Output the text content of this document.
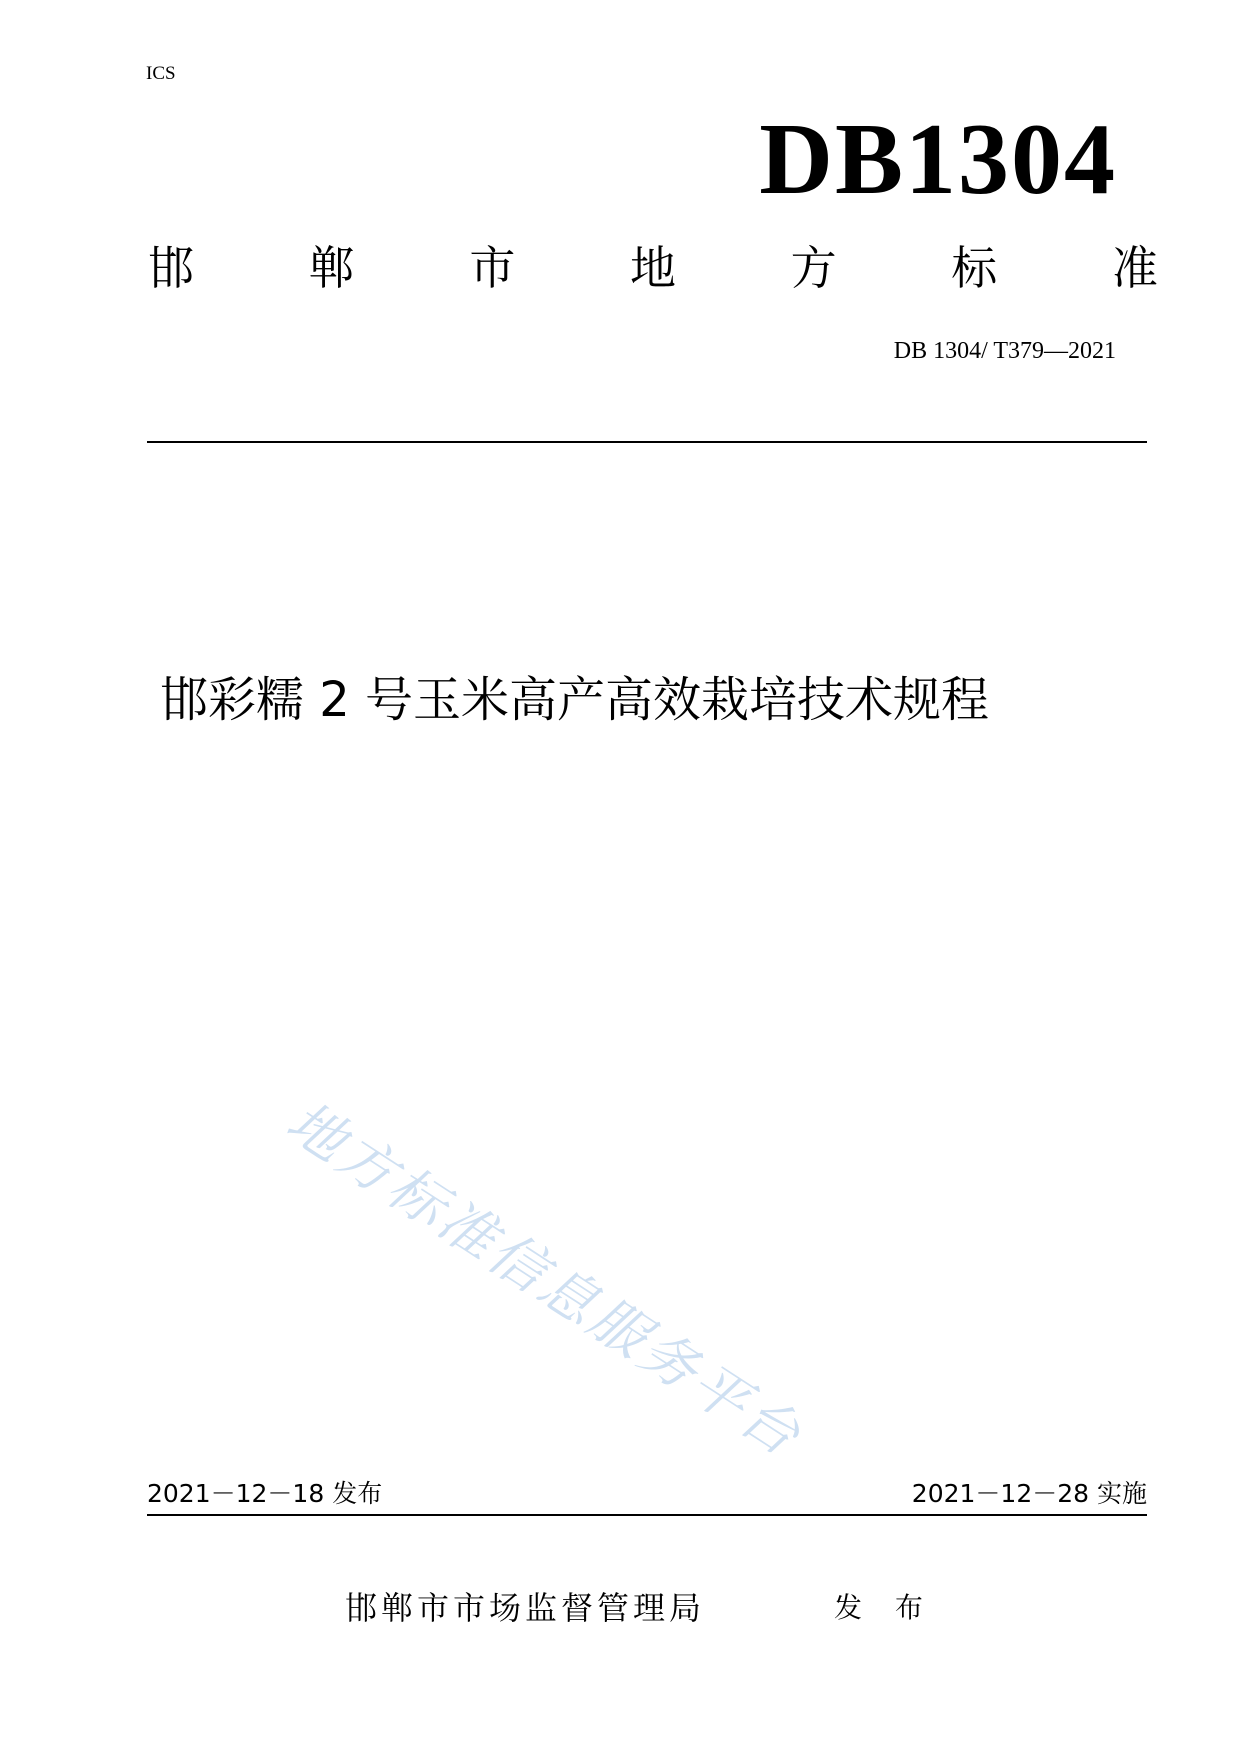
ICS
DB1304
邯 郸 市 地 方 标 准
DB 1304/ T379—2021
邯彩糯 2 号玉米高产高效栽培技术规程
地方标准信息服务平台
2021－12－18 发布	2021－12－28 实施
邯郸市市场监督管理局	发 布
